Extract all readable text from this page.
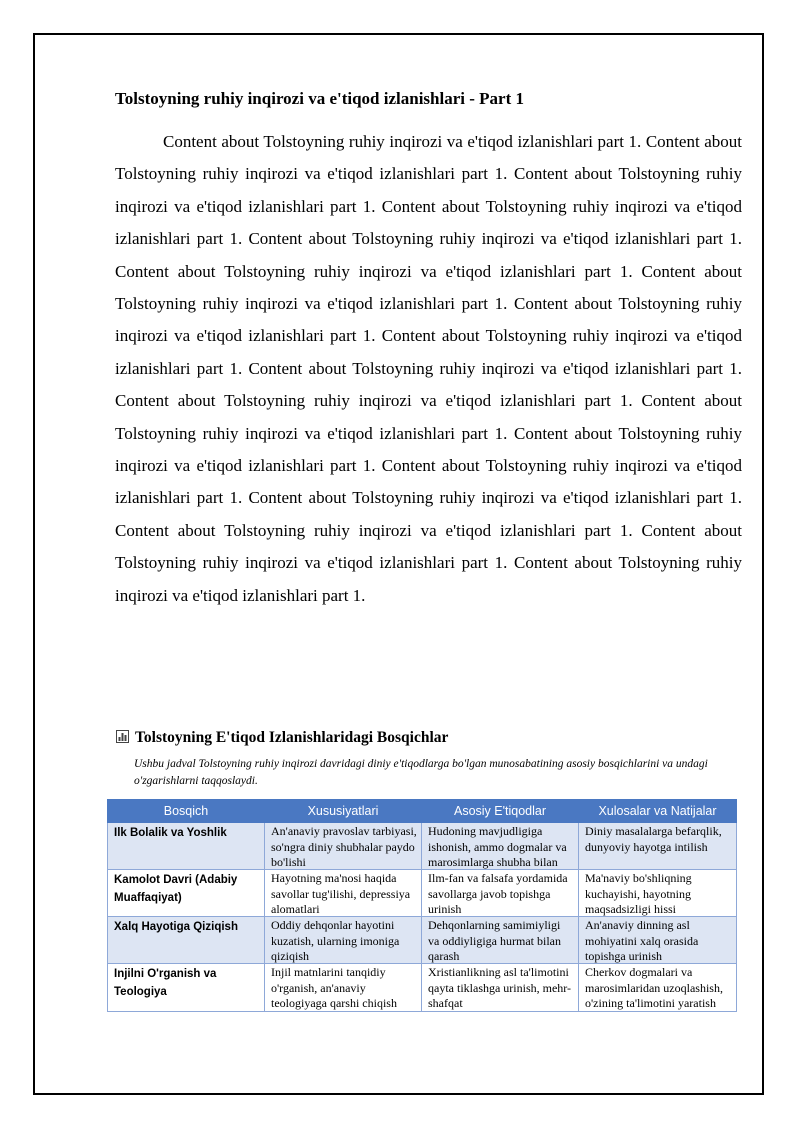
Tolstoyning ruhiy inqirozi va e'tiqod izlanishlari - Part 1

Content about Tolstoyning ruhiy inqirozi va e'tiqod izlanishlari part 1. Content about Tolstoyning ruhiy inqirozi va e'tiqod izlanishlari part 1. Content about Tolstoyning ruhiy inqirozi va e'tiqod izlanishlari part 1. Content about Tolstoyning ruhiy inqirozi va e'tiqod izlanishlari part 1. Content about Tolstoyning ruhiy inqirozi va e'tiqod izlanishlari part 1. Content about Tolstoyning ruhiy inqirozi va e'tiqod izlanishlari part 1. Content about Tolstoyning ruhiy inqirozi va e'tiqod izlanishlari part 1. Content about Tolstoyning ruhiy inqirozi va e'tiqod izlanishlari part 1. Content about Tolstoyning ruhiy inqirozi va e'tiqod izlanishlari part 1. Content about Tolstoyning ruhiy inqirozi va e'tiqod izlanishlari part 1. Content about Tolstoyning ruhiy inqirozi va e'tiqod izlanishlari part 1. Content about Tolstoyning ruhiy inqirozi va e'tiqod izlanishlari part 1. Content about Tolstoyning ruhiy inqirozi va e'tiqod izlanishlari part 1. Content about Tolstoyning ruhiy inqirozi va e'tiqod izlanishlari part 1. Content about Tolstoyning ruhiy inqirozi va e'tiqod izlanishlari part 1. Content about Tolstoyning ruhiy inqirozi va e'tiqod izlanishlari part 1. Content about Tolstoyning ruhiy inqirozi va e'tiqod izlanishlari part 1. Content about Tolstoyning ruhiy inqirozi va e'tiqod izlanishlari part 1.

Tolstoyning E'tiqod Izlanishlaridagi Bosqichlar
Ushbu jadval Tolstoyning ruhiy inqirozi davridagi diniy e'tiqodlarga bo'lgan munosabatining asosiy bosqichlarini va undagi o'zgarishlarni taqqoslaydi.
Bosqich	Xususiyatlari	Asosiy E'tiqodlar	Xulosalar va Natijalar

Ilk Bolalik va Yoshlik	An'anaviy pravoslav tarbiyasi, so'ngra diniy shubhalar paydo bo'lishi	Hudoning mavjudligiga ishonish, ammo dogmalar va marosimlarga shubha bilan	Diniy masalalarga befarqlik, dunyoviy hayotga intilish

Kamolot Davri (Adabiy Muaffaqiyat)	Hayotning ma'nosi haqida savollar tug'ilishi, depressiya alomatlari	Ilm-fan va falsafa yordamida savollarga javob topishga urinish	Ma'naviy bo'shliqning kuchayishi, hayotning maqsadsizligi hissi

Xalq Hayotiga Qiziqish	Oddiy dehqonlar hayotini kuzatish, ularning imoniga qiziqish	Dehqonlarning samimiyligi va oddiyligiga hurmat bilan qarash	An'anaviy dinning asl mohiyatini xalq orasida topishga urinish

Injilni O'rganish va Teologiya	Injil matnlarini tanqidiy o'rganish, an'anaviy teologiyaga qarshi chiqish	Xristianlikning asl ta'limotini qayta tiklashga urinish, mehr-shafqat	Cherkov dogmalari va marosimlaridan uzoqlashish, o'zining ta'limotini yaratish
